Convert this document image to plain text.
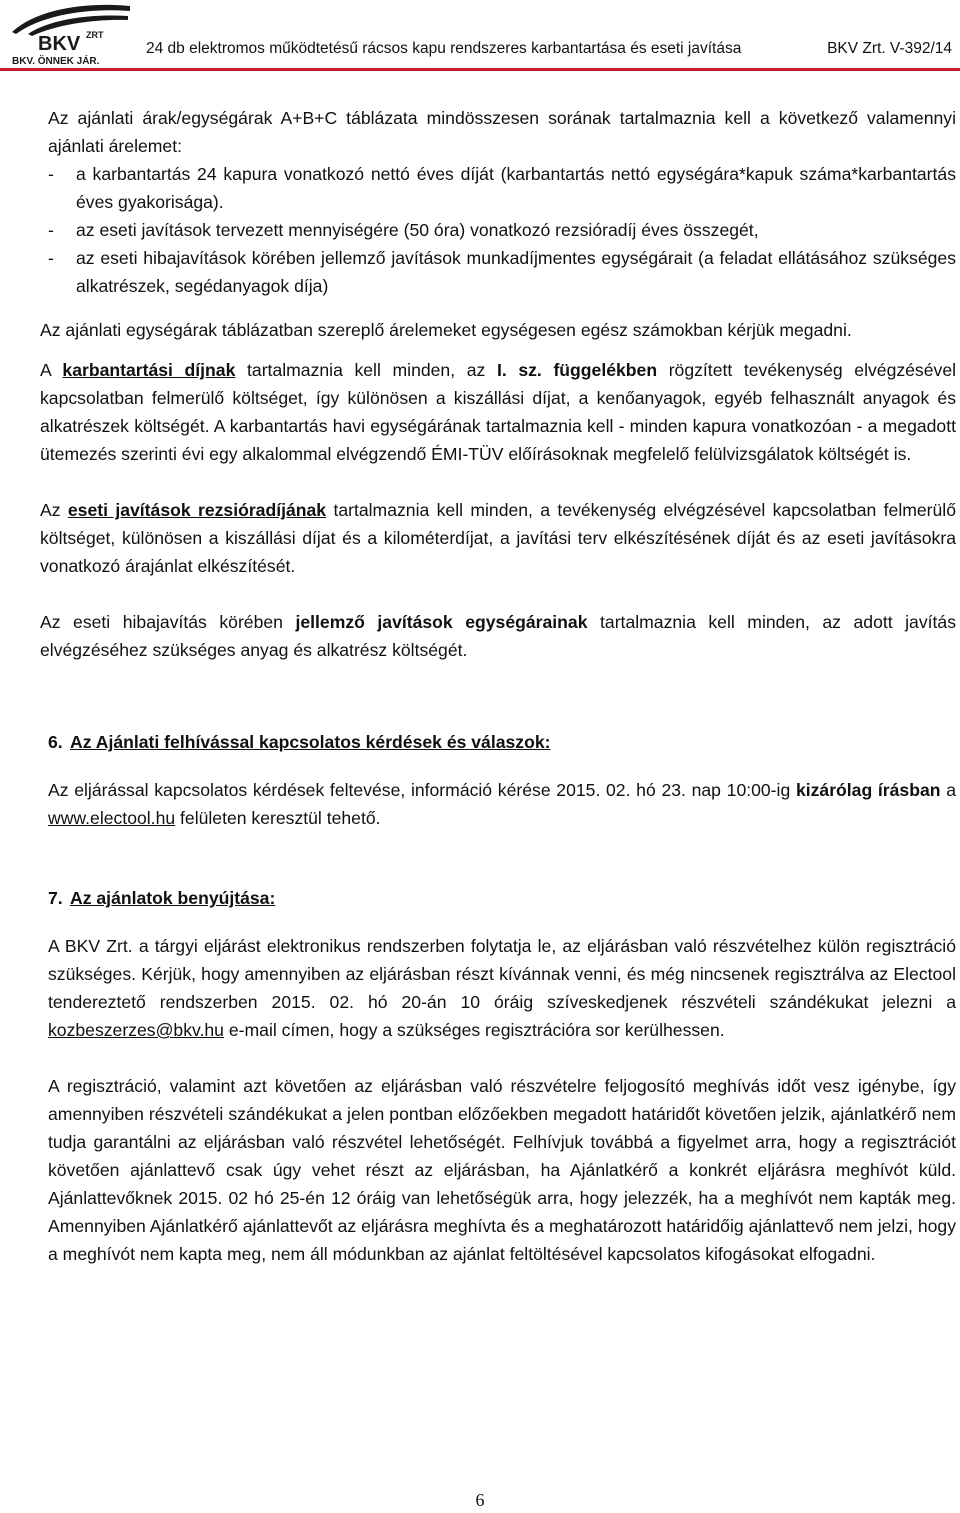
BKV ZRT
BKV. ÖNNEK JÁR.
24 db elektromos működtetésű rácsos kapu rendszeres karbantartása és eseti javítása	BKV Zrt. V-392/14

Az ajánlati árak/egységárak A+B+C táblázata mindösszesen sorának tartalmaznia kell a következő valamennyi ajánlati árelemet:

- a karbantartás 24 kapura vonatkozó nettó éves díját (karbantartás nettó egységára*kapuk száma*karbantartás éves gyakorisága).
- az eseti javítások tervezett mennyiségére (50 óra) vonatkozó rezsióradíj éves összegét,
- az eseti hibajavítások körében jellemző javítások munkadíjmentes egységárait (a feladat ellátásához szükséges alkatrészek, segédanyagok díja)

Az ajánlati egységárak táblázatban szereplő árelemeket egységesen egész számokban kérjük megadni.

A karbantartási díjnak tartalmaznia kell minden, az I. sz. függelékben rögzített tevékenység elvégzésével kapcsolatban felmerülő költséget, így különösen a kiszállási díjat, a kenőanyagok, egyéb felhasznált anyagok és alkatrészek költségét. A karbantartás havi egységárának tartalmaznia kell - minden kapura vonatkozóan - a megadott ütemezés szerinti évi egy alkalommal elvégzendő ÉMI-TÜV előírásoknak megfelelő felülvizsgálatok költségét is.

Az eseti javítások rezsióradíjának tartalmaznia kell minden, a tevékenység elvégzésével kapcsolatban felmerülő költséget, különösen a kiszállási díjat és a kilométerdíjat, a javítási terv elkészítésének díját és az eseti javításokra vonatkozó árajánlat elkészítését.

Az eseti hibajavítás körében jellemző javítások egységárainak tartalmaznia kell minden, az adott javítás elvégzéséhez szükséges anyag és alkatrész költségét.

6. Az Ajánlati felhívással kapcsolatos kérdések és válaszok:

Az eljárással kapcsolatos kérdések feltevése, információ kérése 2015. 02. hó 23. nap 10:00-ig kizárólag írásban a www.electool.hu felületen keresztül tehető.

7. Az ajánlatok benyújtása:

A BKV Zrt. a tárgyi eljárást elektronikus rendszerben folytatja le, az eljárásban való részvételhez külön regisztráció szükséges. Kérjük, hogy amennyiben az eljárásban részt kívánnak venni, és még nincsenek regisztrálva az Electool tendereztető rendszerben 2015. 02. hó 20-án 10 óráig szíveskedjenek részvételi szándékukat jelezni a kozbeszerzes@bkv.hu e-mail címen, hogy a szükséges regisztrációra sor kerülhessen.

A regisztráció, valamint azt követően az eljárásban való részvételre feljogosító meghívás időt vesz igénybe, így amennyiben részvételi szándékukat a jelen pontban előzőekben megadott határidőt követően jelzik, ajánlatkérő nem tudja garantálni az eljárásban való részvétel lehetőségét. Felhívjuk továbbá a figyelmet arra, hogy a regisztrációt követően ajánlattevő csak úgy vehet részt az eljárásban, ha Ajánlatkérő a konkrét eljárásra meghívót küld. Ajánlattevőknek 2015. 02 hó 25-én 12 óráig van lehetőségük arra, hogy jelezzék, ha a meghívót nem kapták meg. Amennyiben Ajánlatkérő ajánlattevőt az eljárásra meghívta és a meghatározott határidőig ajánlattevő nem jelzi, hogy a meghívót nem kapta meg, nem áll módunkban az ajánlat feltöltésével kapcsolatos kifogásokat elfogadni.

6
